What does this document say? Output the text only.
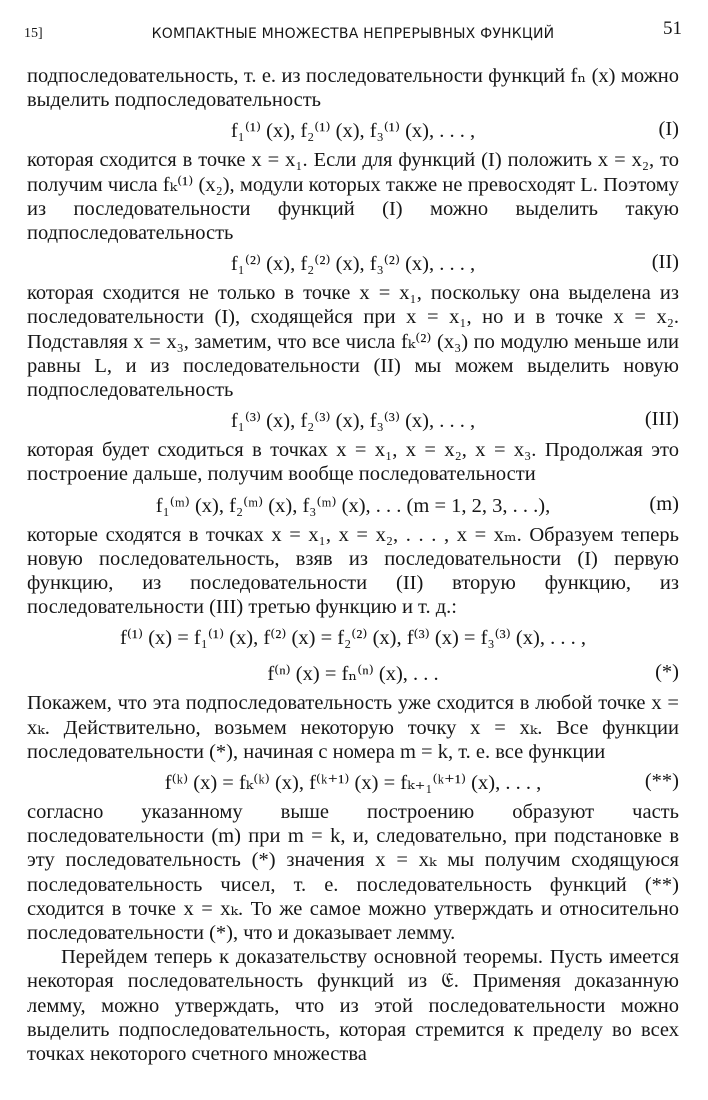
15]	КОМПАКТНЫЕ МНОЖЕСТВА НЕПРЕРЫВНЫХ ФУНКЦИЙ	51

подпоследовательность, т. е. из последовательности функций fₙ (x) можно выделить подпоследовательность

f₁⁽¹⁾ (x), f₂⁽¹⁾ (x), f₃⁽¹⁾ (x), . . . ,	(I)

которая сходится в точке x = x₁. Если для функций (I) положить x = x₂, то получим числа fₖ⁽¹⁾ (x₂), модули которых также не превосходят L. Поэтому из последовательности функций (I) можно выделить такую подпоследовательность

f₁⁽²⁾ (x), f₂⁽²⁾ (x), f₃⁽²⁾ (x), . . . ,	(II)

которая сходится не только в точке x = x₁, поскольку она выделена из последовательности (I), сходящейся при x = x₁, но и в точке x = x₂. Подставляя x = x₃, заметим, что все числа fₖ⁽²⁾ (x₃) по модулю меньше или равны L, и из последовательности (II) мы можем выделить новую подпоследовательность

f₁⁽³⁾ (x), f₂⁽³⁾ (x), f₃⁽³⁾ (x), . . . ,	(III)

которая будет сходиться в точках x = x₁, x = x₂, x = x₃. Продолжая это построение дальше, получим вообще последовательности

f₁⁽ᵐ⁾ (x), f₂⁽ᵐ⁾ (x), f₃⁽ᵐ⁾ (x), . . . (m = 1, 2, 3, . . .),	(m)

которые сходятся в точках x = x₁, x = x₂, . . . , x = xₘ. Образуем теперь новую последовательность, взяв из последовательности (I) первую функцию, из последовательности (II) вторую функцию, из последовательности (III) третью функцию и т. д.:

f⁽¹⁾ (x) = f₁⁽¹⁾ (x), f⁽²⁾ (x) = f₂⁽²⁾ (x), f⁽³⁾ (x) = f₃⁽³⁾ (x), . . . ,
f⁽ⁿ⁾ (x) = fₙ⁽ⁿ⁾ (x), . . .	(*)

Покажем, что эта подпоследовательность уже сходится в любой точке x = xₖ. Действительно, возьмем некоторую точку x = xₖ. Все функции последовательности (*), начиная с номера m = k, т. е. все функции

f⁽ᵏ⁾ (x) = fₖ⁽ᵏ⁾ (x), f⁽ᵏ⁺¹⁾ (x) = fₖ₊₁⁽ᵏ⁺¹⁾ (x), . . . ,	(**)

согласно указанному выше построению образуют часть последовательности (m) при m = k, и, следовательно, при подстановке в эту последовательность (*) значения x = xₖ мы получим сходящуюся последовательность чисел, т. е. последовательность функций (**) сходится в точке x = xₖ. То же самое можно утверждать и относительно последовательности (*), что и доказывает лемму.

Перейдем теперь к доказательству основной теоремы. Пусть имеется некоторая последовательность функций из 𝔈. Применяя доказанную лемму, можно утверждать, что из этой последовательности можно выделить подпоследовательность, которая стремится к пределу во всех точках некоторого счетного множества
